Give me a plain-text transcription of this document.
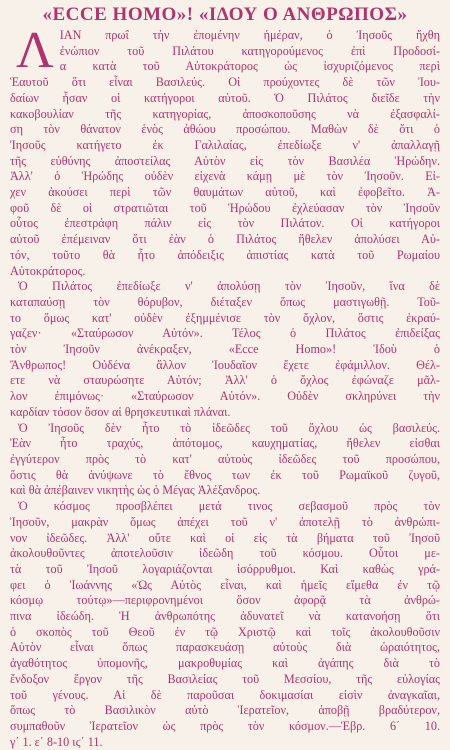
«ECCE HOMO»! «ΙΔΟΥ Ο ΑΝΘΡΩΠΟΣ»
Λ ΙΑΝ πρωΐ τὴν ἐπομένην ἡμέραν, ὁ Ἰησοῦς ἤχθη
ἐνώπιον τοῦ Πιλάτου κατηγορούμενος ἐπὶ Προδοσί-
α κατὰ τοῦ Αὐτοκράτορος ὡς ἰσχυριζόμενος περὶ
Ἑαυτοῦ ὅτι εἶναι Βασιλεύς. Οἱ προύχοντες δὲ τῶν Ἰου-
δαίων ἦσαν οἱ κατήγοροι αὐτοῦ. Ὁ Πιλάτος διεῖδε τὴν
κακοβουλίαν τῆς κατηγορίας, ἀποσκοποῦσης νὰ ἐξασφαλί-
ση τὸν θάνατον ἑνὸς ἀθώου προσώπου. Μαθὼν δὲ ὅτι ὁ
Ἰησοῦς κατήγετο ἐκ Γαλιλαίας, ἐπεδίωξε ν' ἀπαλλαγῇ
τῆς εὐθύνης ἀποστείλας Αὐτὸν εἰς τὸν Βασιλέα Ἡρώδην.
Ἀλλ' ὁ Ἡρώδης οὐδὲν εἰχενὰ κάμῃ μὲ τὸν Ἰησοῦν. Εἰ-
χεν ἀκούσει περὶ τῶν θαυμάτων αὐτοῦ, καὶ ἐφοβεῖτο. Ἀ-
φοῦ δὲ οἱ στρατιῶται τοῦ Ἡρώδου ἐχλεύασαν τὸν Ἰησοῦν
οὗτος ἐπεστράφη πάλιν εἰς τὸν Πιλάτον. Οἱ κατήγοροι
αὐτοῦ ἐπέμειναν ὅτι ἐὰν ὁ Πιλάτος ἤθελεν ἀπολύσει Αὐ-
τόν, τοῦτο θὰ ἦτο ἀπόδειξις ἀπιστίας κατὰ τοῦ Ρωμαίου
Αὐτοκράτορος.
Ὁ Πιλάτος ἐπεδίωξε ν' ἀπολύσῃ τὸν Ἰησοῦν, ἵνα δὲ
καταπαύσῃ τὸν θόρυβον, διέταξεν ὅπως μαστιγωθῇ. Τοῦ-
το ὅμως κατ' οὐδὲν ἐξημμένισε τὸν ὄχλον, ὅστις ἐκραύ-
γαζεν· «Σταύρωσον Αὐτόν». Τέλος ὁ Πιλάτος ἐπιδείξας
τὸν Ἰησοῦν ἀνέκραξεν, «Ecce Homo»! Ἰδοὺ ὁ
Ἄνθρωπος! Οὐδένα ἄλλον Ἰουδαῖον ἔχετε ἐφάμιλλον. Θέλ-
ετε νὰ σταυρώσητε Αὐτόν; Ἀλλ' ὁ ὄχλος ἐφώναζε μᾶλ-
λον ἐπιμόνως· «Σταύρωσον Αὐτόν». Οὐδὲν σκληρύνει τὴν
καρδίαν τόσον ὅσον αἱ θρησκευτικαὶ πλάναι.
Ὁ Ἰησοῦς δὲν ἦτο τὸ ἰδεῶδες τοῦ ὄχλου ὡς βασιλεύς.
Ἐὰν ἦτο τραχύς, ἀπότομος, καυχηματίας, ἤθελεν εἰσθαι
ἐγγύτερον πρὸς τὸ κατ' αὐτοὺς ἰδεῶδες τοῦ προσώπου,
ὅστις θὰ ἀνύψωνε τὸ ἔθνος των ἐκ τοῦ Ρωμαϊκοῦ ζυγοῦ,
καὶ θὰ ἀπέβαινεν νικητὴς ὡς ὁ Μέγας Ἀλέξανδρος.
Ὁ κόσμος προσβλέπει μετά τινος σεβασμοῦ πρὸς τὸν
Ἰησοῦν, μακρὰν ὅμως ἀπέχει τοῦ ν' ἀποτελῇ τὸ ἀνθρώπι-
νον ἰδεῶδες. Ἀλλ' οὔτε καὶ οἱ εἰς τὰ βήματα τοῦ Ἰησοῦ
ἀκολουθοῦντες ἀποτελοῦσιν ἰδεῶδη τοῦ κόσμου. Οὗτοι με-
τὰ τοῦ Ἰησοῦ λογαριάζονται ἰσόρρυθμοι. Καὶ καθὼς γρά-
φει ὁ Ἰωάννης «Ὡς Αὐτὸς εἶναι, καὶ ἡμεῖς εἴμεθα ἐν τῷ
κόσμῳ τούτῳ»—περιφρονημένοι ὅσον ἀφορᾷ τὰ ἀνθρώ-
πινα ἰδεώδη. Ἡ ἀνθρωπότης ἀδυνατεῖ νὰ κατανοήσῃ ὅτι
ὁ σκοπὸς τοῦ Θεοῦ ἐν τῷ Χριστῷ καὶ τοῖς ἀκολουθοῦσιν
Αὐτὸν εἶναι ὅπως παρασκευάσῃ αὐτοὺς διὰ ὡραιότητος,
ἀγαθότητος ὑπομονῆς, μακροθυμίας καὶ ἀγάπης διὰ τὸ
ἔνδοξον ἔργον τῆς Βασιλείας τοῦ Μεσσίου, τῆς εὐλογίας
τοῦ γένους. Αἱ δὲ παροῦσαι δοκιμασίαι εἰσὶν ἀναγκαῖαι,
ὅπως τὸ Βασιλικὸν αὐτὸ Ἱερατεῖον, ἀποβῇ βραδύτερον,
συμπαθοῦν Ἱερατεῖον ὡς πρὸς τὸν κόσμον.—Ἑβρ. 6΄ 10.
γ΄ 1. ε΄ 8-10 ιϛ΄ 11.
